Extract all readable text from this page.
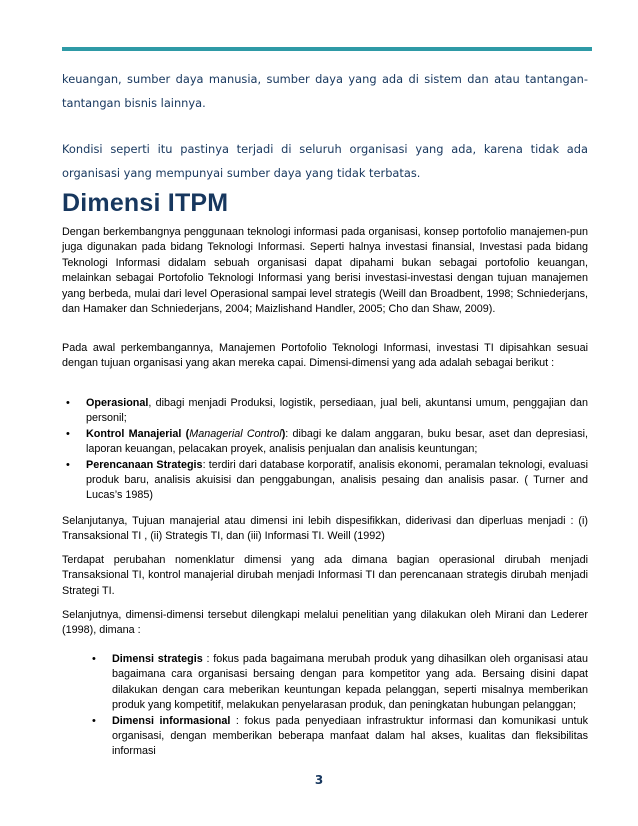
keuangan, sumber daya manusia, sumber daya yang ada di sistem dan atau tantangan-tantangan bisnis lainnya.

Kondisi seperti itu pastinya terjadi di seluruh organisasi yang ada, karena tidak ada organisasi yang mempunyai sumber daya yang tidak terbatas.

Dimensi ITPM

Dengan berkembangnya penggunaan teknologi informasi pada organisasi, konsep portofolio manajemen-pun juga digunakan pada bidang Teknologi Informasi. Seperti halnya investasi finansial, Investasi pada bidang Teknologi Informasi didalam sebuah organisasi dapat dipahami bukan sebagai portofolio keuangan, melainkan sebagai Portofolio Teknologi Informasi yang berisi investasi-investasi dengan tujuan manajemen yang berbeda, mulai dari level Operasional sampai level strategis (Weill dan Broadbent, 1998; Schniederjans, dan Hamaker dan Schniederjans, 2004; Maizlishand Handler, 2005; Cho dan Shaw, 2009).

Pada awal perkembangannya, Manajemen Portofolio Teknologi Informasi, investasi TI dipisahkan sesuai dengan tujuan organisasi yang akan mereka capai. Dimensi-dimensi yang ada adalah sebagai berikut :

• Operasional, dibagi menjadi Produksi, logistik, persediaan, jual beli, akuntansi umum, penggajian dan personil;
• Kontrol Manajerial (Managerial Control): dibagi ke dalam anggaran, buku besar, aset dan depresiasi, laporan keuangan, pelacakan proyek, analisis penjualan dan analisis keuntungan;
• Perencanaan Strategis: terdiri dari database korporatif, analisis ekonomi, peramalan teknologi, evaluasi produk baru, analisis akuisisi dan penggabungan, analisis pesaing dan analisis pasar. ( Turner and Lucas’s 1985)

Selanjutanya, Tujuan manajerial atau dimensi ini lebih dispesifikkan, diderivasi dan diperluas menjadi : (i) Transaksional TI , (ii) Strategis TI, dan (iii) Informasi TI. Weill (1992)

Terdapat perubahan nomenklatur dimensi yang ada dimana bagian operasional dirubah menjadi Transaksional TI, kontrol manajerial dirubah menjadi Informasi TI dan perencanaan strategis dirubah menjadi Strategi TI.

Selanjutnya, dimensi-dimensi tersebut dilengkapi melalui penelitian yang dilakukan oleh Mirani dan Lederer (1998), dimana :

• Dimensi strategis : fokus pada bagaimana merubah produk yang dihasilkan oleh organisasi atau bagaimana cara organisasi bersaing dengan para kompetitor yang ada. Bersaing disini dapat dilakukan dengan cara meberikan keuntungan kepada pelanggan, seperti misalnya memberikan produk yang kompetitif, melakukan penyelarasan produk, dan peningkatan hubungan pelanggan;
• Dimensi informasional : fokus pada penyediaan infrastruktur informasi dan komunikasi untuk organisasi, dengan memberikan beberapa manfaat dalam hal akses, kualitas dan fleksibilitas informasi
3
